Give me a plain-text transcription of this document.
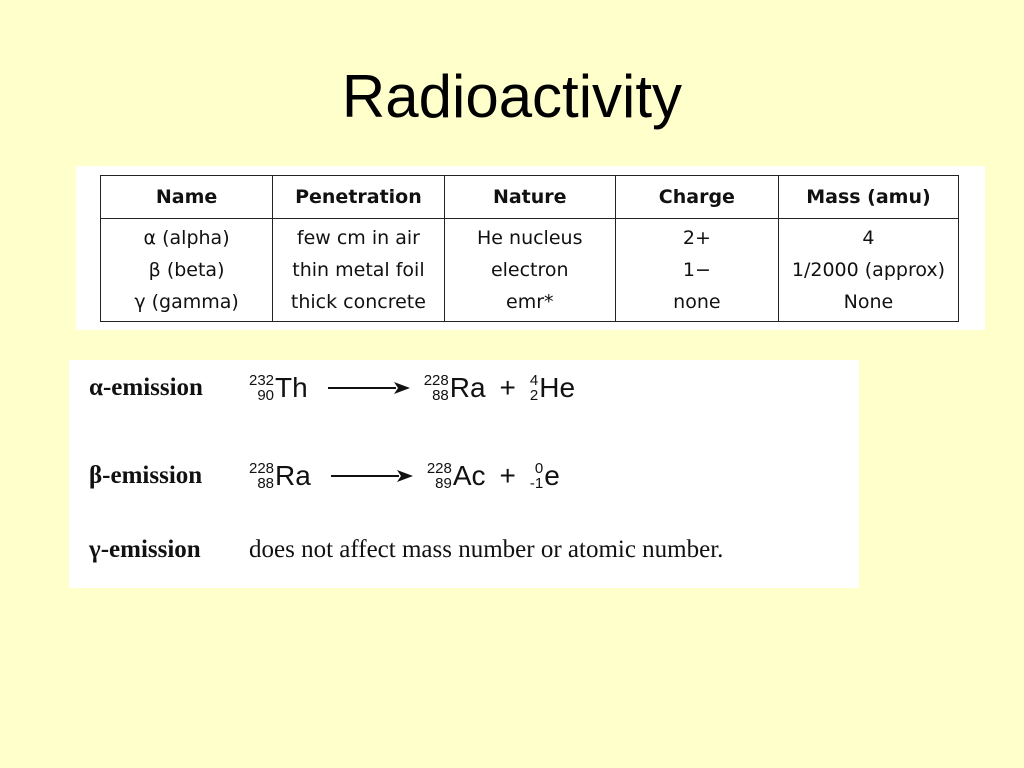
Radioactivity
Name	Penetration	Nature	Charge	Mass (amu)
α (alpha)	few cm in air	He nucleus	2+	4
β (beta)	thin metal foil	electron	1−	1/2000 (approx)
γ (gamma)	thick concrete	emr*	none	None
α-emission	232
90 Th → 228
88 Ra + 4
2 He
β-emission	228
88 Ra → 228
89 Ac + 0
-1 e
γ-emission	does not affect mass number or atomic number.
